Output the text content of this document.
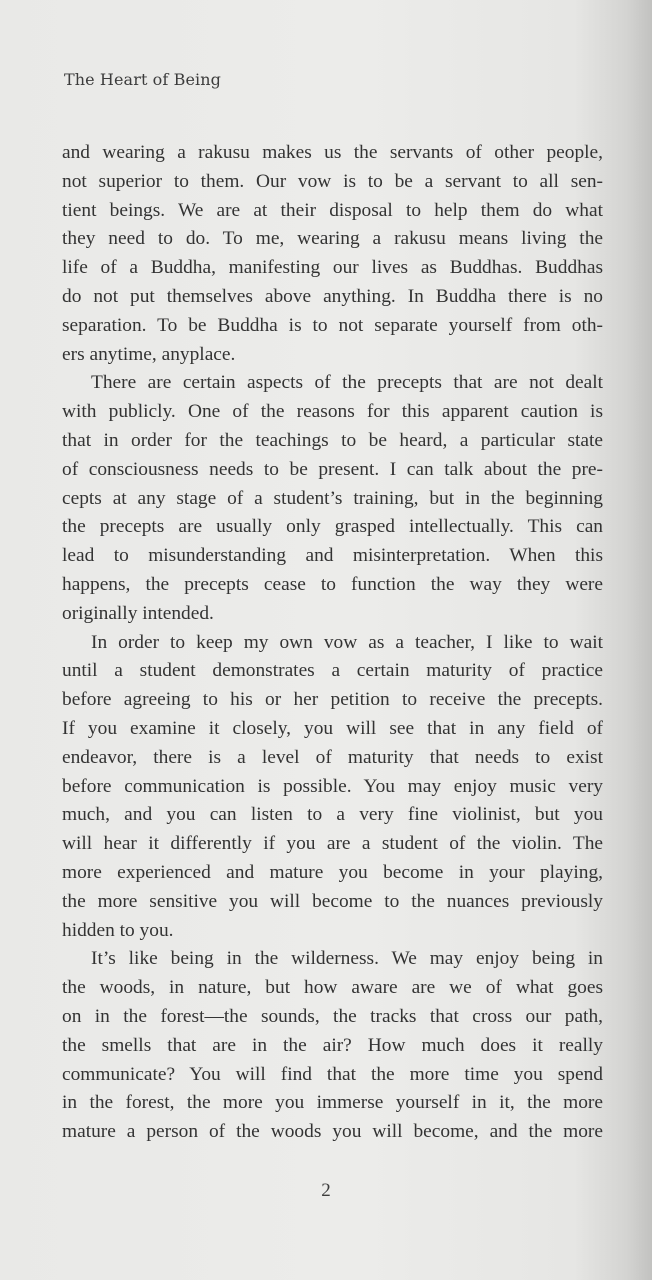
The Heart of Being
and wearing a rakusu makes us the servants of other people,
not superior to them. Our vow is to be a servant to all sen-
tient beings. We are at their disposal to help them do what
they need to do. To me, wearing a rakusu means living the
life of a Buddha, manifesting our lives as Buddhas. Buddhas
do not put themselves above anything. In Buddha there is no
separation. To be Buddha is to not separate yourself from oth-
ers anytime, anyplace.
There are certain aspects of the precepts that are not dealt
with publicly. One of the reasons for this apparent caution is
that in order for the teachings to be heard, a particular state
of consciousness needs to be present. I can talk about the pre-
cepts at any stage of a student’s training, but in the beginning
the precepts are usually only grasped intellectually. This can
lead to misunderstanding and misinterpretation. When this
happens, the precepts cease to function the way they were
originally intended.
In order to keep my own vow as a teacher, I like to wait
until a student demonstrates a certain maturity of practice
before agreeing to his or her petition to receive the precepts.
If you examine it closely, you will see that in any field of
endeavor, there is a level of maturity that needs to exist
before communication is possible. You may enjoy music very
much, and you can listen to a very fine violinist, but you
will hear it differently if you are a student of the violin. The
more experienced and mature you become in your playing,
the more sensitive you will become to the nuances previously
hidden to you.
It’s like being in the wilderness. We may enjoy being in
the woods, in nature, but how aware are we of what goes
on in the forest—the sounds, the tracks that cross our path,
the smells that are in the air? How much does it really
communicate? You will find that the more time you spend
in the forest, the more you immerse yourself in it, the more
mature a person of the woods you will become, and the more
2
